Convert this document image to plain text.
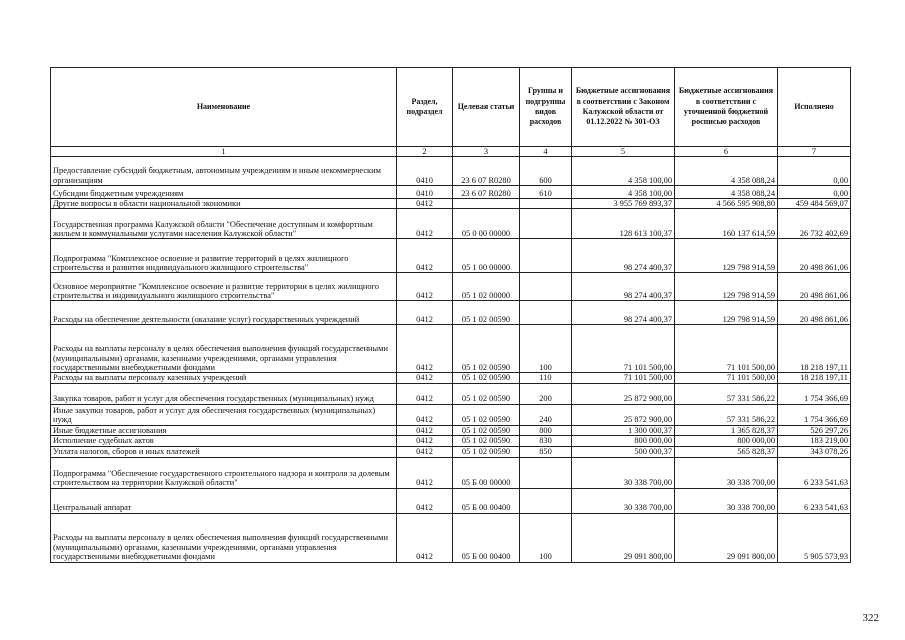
Наименование	Раздел, подраздел	Целевая статьи	Группы и подгруппы видов расходов	Бюджетные ассигнования в соответствии с Законом Калужской области от 01.12.2022 № 301-ОЗ	Бюджетные ассигнования в соответствии с уточненной бюджетной росписью расходов	Исполнено
1	2	3	4	5	6	7
Предоставление субсидий бюджетным, автономным учреждениям и иным некоммерческим организациям	0410	23 6 07 R0280	600	4 358 100,00	4 358 088,24	0,00
Субсидии бюджетным учреждениям	0410	23 6 07 R0280	610	4 358 100,00	4 358 088,24	0,00
Другие вопросы в области национальной экономики	0412			3 955 769 893,37	4 566 595 908,80	459 484 569,07
Государственная программа Калужской области "Обеспечение доступным и комфортным жильем и коммунальными услугами населения Калужской области"	0412	05 0 00 00000		128 613 100,37	160 137 614,59	26 732 402,69
Подпрограмма "Комплексное освоение и развитие территорий в целях жилищного строительства и развития индивидуального жилищного строительства"	0412	05 1 00 00000		98 274 400,37	129 798 914,59	20 498 861,06
Основное мероприятие "Комплексное освоение и развитие территории в целях жилищного строительства и индивидуального жилищного строительства"	0412	05 1 02 00000		98 274 400,37	129 798 914,59	20 498 861,06
Расходы на обеспечение деятельности (оказание услуг) государственных учреждений	0412	05 1 02 00590		98 274 400,37	129 798 914,59	20 498 861,06
Расходы на выплаты персоналу в целях обеспечения выполнения функций государственными (муниципальными) органами, казенными учреждениями, органами управления государственными внебюджетными фондами	0412	05 1 02 00590	100	71 101 500,00	71 101 500,00	18 218 197,11
Расходы на выплаты персоналу казенных учреждений	0412	05 1 02 00590	110	71 101 500,00	71 101 500,00	18 218 197,11
Закупка товаров, работ и услуг для обеспечения государственных (муниципальных) нужд	0412	05 1 02 00590	200	25 872 900,00	57 331 586,22	1 754 366,69
Иные закупки товаров, работ и услуг для обеспечения государственных (муниципальных) нужд	0412	05 1 02 00590	240	25 872 900,00	57 331 586,22	1 754 366,69
Иные бюджетные ассигнования	0412	05 1 02 00590	800	1 300 000,37	1 365 828,37	526 297,26
Исполнение судебных актов	0412	05 1 02 00590	830	800 000,00	800 000,00	183 219,00
Уплата налогов, сборов и иных платежей	0412	05 1 02 00590	850	500 000,37	565 828,37	343 078,26
Подпрограмма "Обеспечение государственного строительного надзора и контроля за долевым строительством на территории Калужской области"	0412	05 Б 00 00000		30 338 700,00	30 338 700,00	6 233 541,63
Центральный аппарат	0412	05 Б 00 00400		30 338 700,00	30 338 700,00	6 233 541,63
Расходы на выплаты персоналу в целях обеспечения выполнения функций государственными (муниципальными) органами, казенными учреждениями, органами управления государственными внебюджетными фондами	0412	05 Б 00 00400	100	29 091 800,00	29 091 800,00	5 905 573,93
322
